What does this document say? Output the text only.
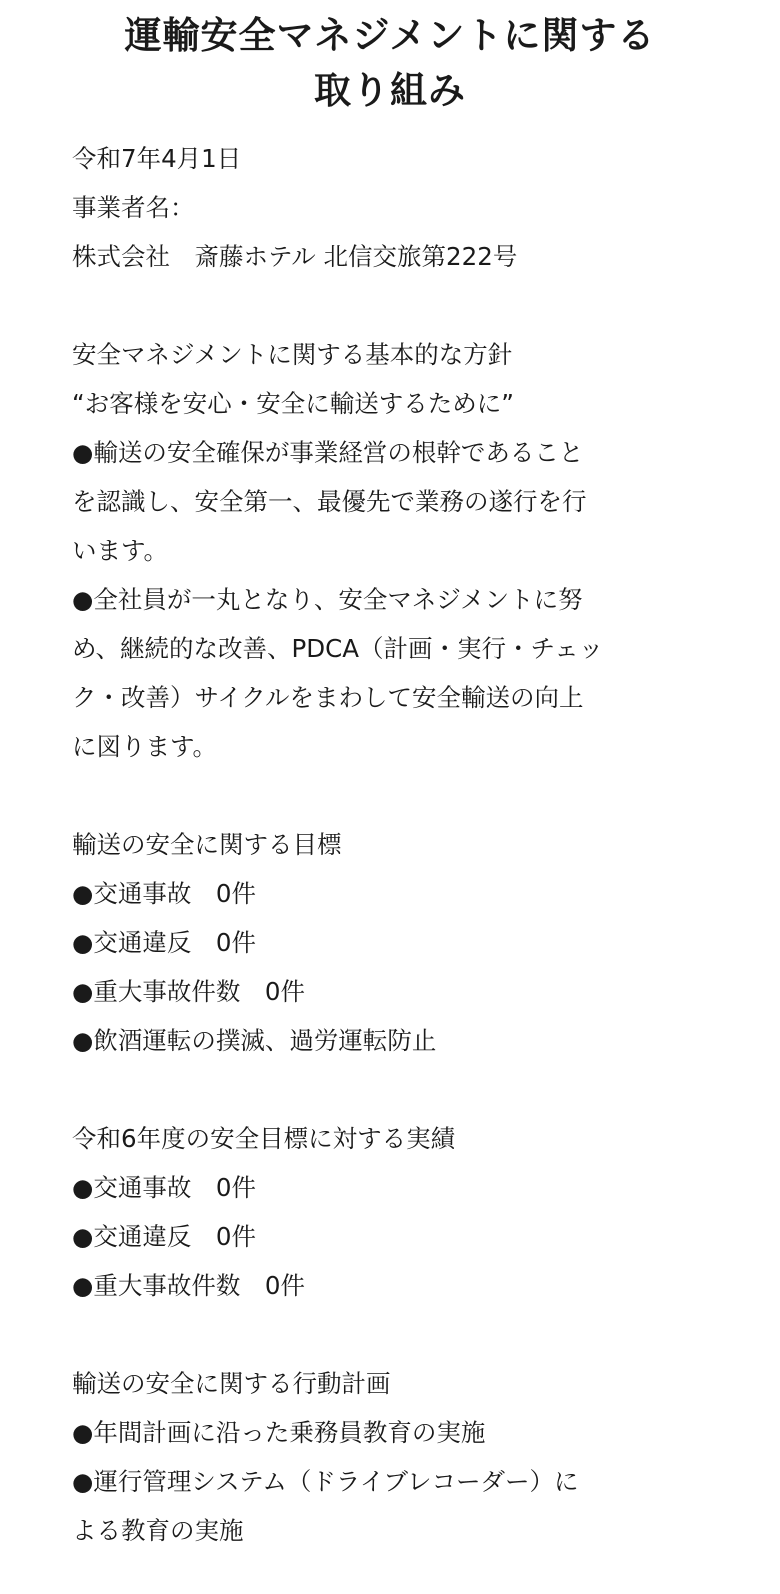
運輸安全マネジメントに関する
取り組み
令和7年4月1日
事業者名：
株式会社　斎藤ホテル 北信交旅第222号
安全マネジメントに関する基本的な方針
“お客様を安心・安全に輸送するために”
●輸送の安全確保が事業経営の根幹であること
を認識し、安全第一、最優先で業務の遂行を行
います。
●全社員が一丸となり、安全マネジメントに努
め、継続的な改善、PDCA（計画・実行・チェッ
ク・改善）サイクルをまわして安全輸送の向上
に図ります。
輸送の安全に関する目標
●交通事故　0件
●交通違反　0件
●重大事故件数　0件
●飲酒運転の撲滅、過労運転防止
令和6年度の安全目標に対する実績
●交通事故　0件
●交通違反　0件
●重大事故件数　0件
輸送の安全に関する行動計画
●年間計画に沿った乗務員教育の実施
●運行管理システム（ドライブレコーダー）に
よる教育の実施
